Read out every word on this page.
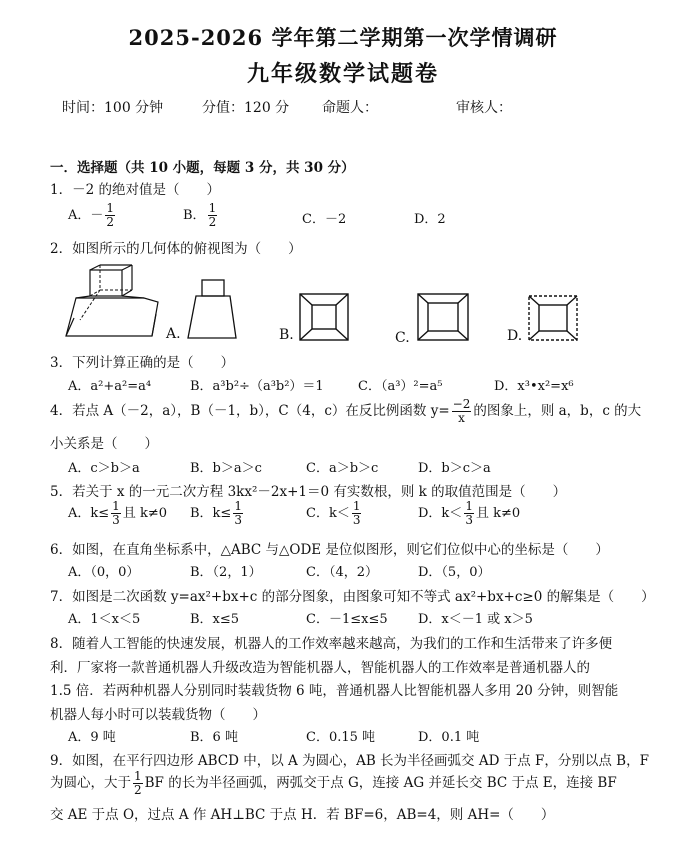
2025-2026 学年第二学期第一次学情调研
九年级数学试题卷
时间：100 分钟	分值：120 分 命题人：	审核人：
一．选择题（共 10 小题，每题 3 分，共 30 分）
1．－2 的绝对值是（　　）
A．－ $\frac{1}{2}$	B． $\frac{1}{2}$	C．－2	D．2
2．如图所示的几何体的俯视图为（　　）
A.	B.	C.	D.
3．下列计算正确的是（　　）
A．a²+a²=a⁴	B．a³b²÷（a³b²）＝1	C．（a³）²=a⁵	D．x³•x²=x⁶
4．若点 A（－2，a），B（－1，b），C（4，c）在反比例函数 $y= \frac{-2}{x}$ 的图象上，则 a，b，c 的大
小关系是（　　）
A．c＞b＞a	B．b＞a＞c	C．a＞b＞c	D．b＞c＞a
5．若关于 x 的一元二次方程 3kx²－2x+1＝0 有实数根，则 k 的取值范围是（　　）
A．$k\le \frac{1}{3}$ 且 k≠0 B．$k\le \frac{1}{3}$	C．$k< \frac{1}{3}$	D．$k< \frac{1}{3}$ 且 k≠0
6．如图，在直角坐标系中，△ABC 与△ODE 是位似图形，则它们位似中心的坐标是（　　）
A．（0，0）	B．（2，1）	C．（4，2）	D．（5，0）
7．如图是二次函数 y=ax²+bx+c 的部分图象，由图象可知不等式 ax²+bx+c≥0 的解集是（　　）
A．1＜x＜5	B．x≤5	C．－1≤x≤5 D．x＜－1 或 x＞5
8．随着人工智能的快速发展，机器人的工作效率越来越高，为我们的工作和生活带来了许多便
利．厂家将一款普通机器人升级改造为智能机器人，智能机器人的工作效率是普通机器人的
1.5 倍．若两种机器人分别同时装载货物 6 吨，普通机器人比智能机器人多用 20 分钟，则智能
机器人每小时可以装载货物（　　）
A．9 吨	B．6 吨	C．0.15 吨	D．0.1 吨
9．如图，在平行四边形 ABCD 中，以 A 为圆心，AB 长为半径画弧交 AD 于点 F，分别以点 B，F
为圆心，大于 $\frac{1}{2}$ BF 的长为半径画弧，两弧交于点 G，连接 AG 并延长交 BC 于点 E，连接 BF
交 AE 于点 O，过点 A 作 AH⊥BC 于点 H．若 BF=6，AB=4，则 AH=（　　）
